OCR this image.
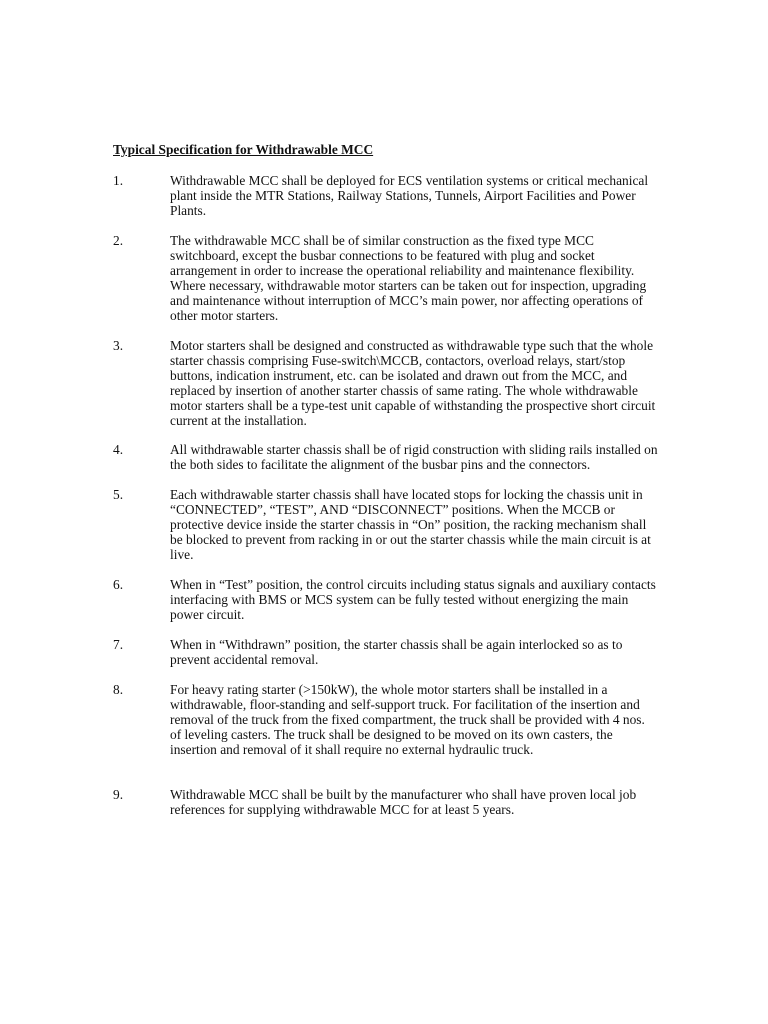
Typical Specification for Withdrawable MCC
1.	Withdrawable MCC shall be deployed for ECS ventilation systems or critical mechanical plant inside the MTR Stations, Railway Stations, Tunnels, Airport Facilities and Power Plants.
2.	The withdrawable MCC shall be of similar construction as the fixed type MCC switchboard, except the busbar connections to be featured with plug and socket arrangement in order to increase the operational reliability and maintenance flexibility. Where necessary, withdrawable motor starters can be taken out for inspection, upgrading and maintenance without interruption of MCC’s main power, nor affecting operations of other motor starters.
3.	Motor starters shall be designed and constructed as withdrawable type such that the whole starter chassis comprising Fuse-switch\MCCB, contactors, overload relays, start/stop buttons, indication instrument, etc. can be isolated and drawn out from the MCC, and replaced by insertion of another starter chassis of same rating. The whole withdrawable motor starters shall be a type-test unit capable of withstanding the prospective short circuit current at the installation.
4.	All withdrawable starter chassis shall be of rigid construction with sliding rails installed on the both sides to facilitate the alignment of the busbar pins and the connectors.
5.	Each withdrawable starter chassis shall have located stops for locking the chassis unit in “CONNECTED”, “TEST”, AND “DISCONNECT” positions. When the MCCB or protective device inside the starter chassis in “On” position, the racking mechanism shall be blocked to prevent from racking in or out the starter chassis while the main circuit is at live.
6.	When in “Test” position, the control circuits including status signals and auxiliary contacts interfacing with BMS or MCS system can be fully tested without energizing the main power circuit.
7.	When in “Withdrawn” position, the starter chassis shall be again interlocked so as to prevent accidental removal.
8.	For heavy rating starter (>150kW), the whole motor starters shall be installed in a withdrawable, floor-standing and self-support truck. For facilitation of the insertion and removal of the truck from the fixed compartment, the truck shall be provided with 4 nos. of leveling casters. The truck shall be designed to be moved on its own casters, the insertion and removal of it shall require no external hydraulic truck.
9.	Withdrawable MCC shall be built by the manufacturer who shall have proven local job references for supplying withdrawable MCC for at least 5 years.
